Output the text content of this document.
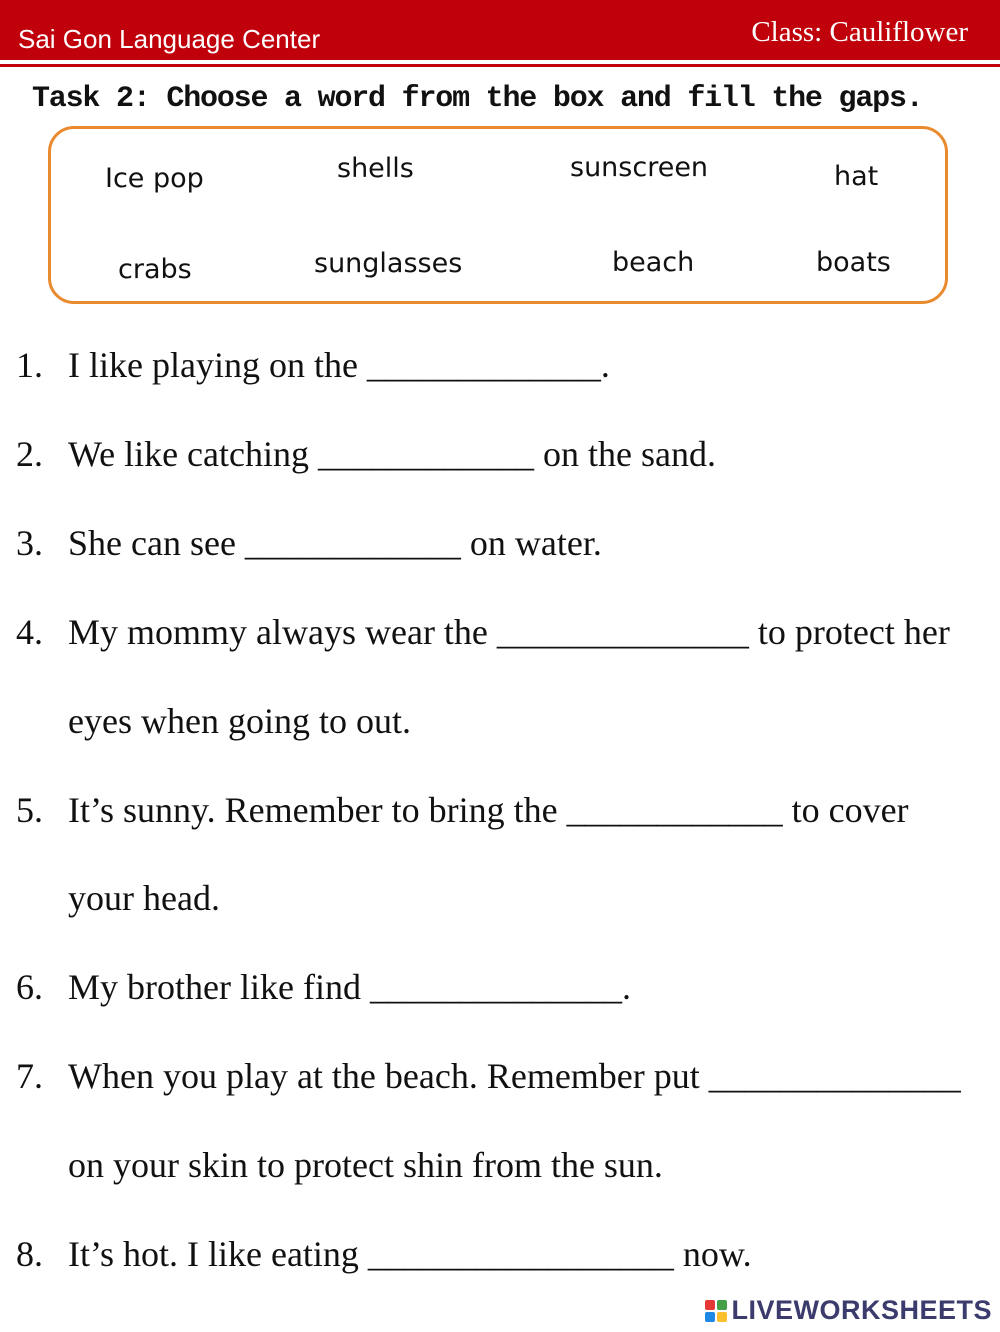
Sai Gon Language Center	Class: Cauliflower
Task 2: Choose a word from the box and fill the gaps.
Ice pop	shells	sunscreen	hat
crabs	sunglasses	beach	boats
1. I like playing on the _____________.
2. We like catching ____________ on the sand.
3. She can see ____________ on water.
4. My mommy always wear the ______________ to protect her
eyes when going to out.
5. It’s sunny. Remember to bring the ____________ to cover
your head.
6. My brother like find ______________.
7. When you play at the beach. Remember put ______________
on your skin to protect shin from the sun.
8. It’s hot. I like eating _________________ now.
LIVEWORKSHEETS
